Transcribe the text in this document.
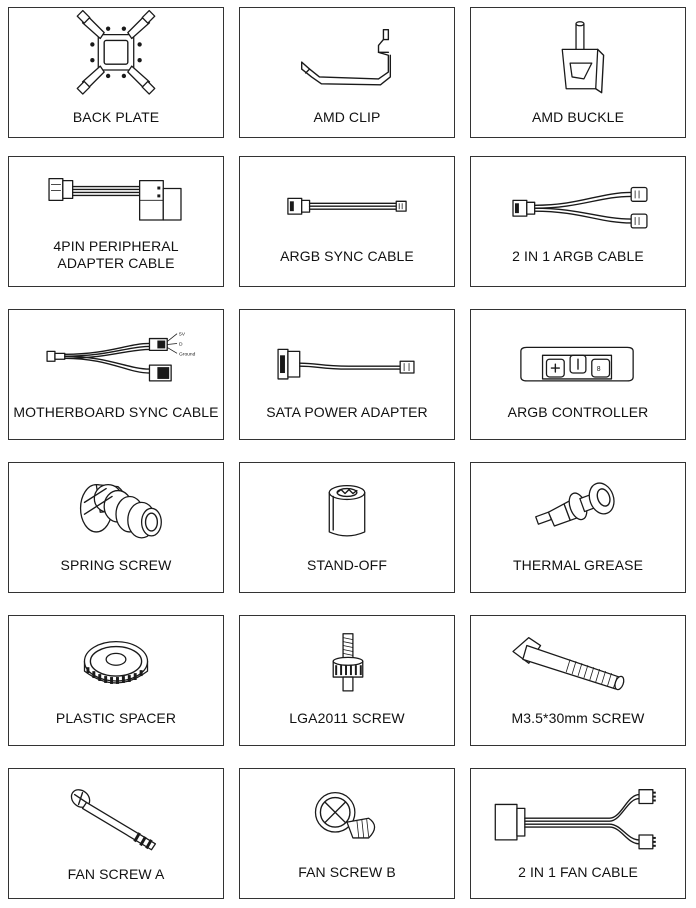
BACK PLATE	AMD CLIP	AMD BUCKLE
4PIN PERIPHERAL
ADAPTER CABLE	ARGB SYNC CABLE	2 IN 1 ARGB CABLE
5V
D
Ground
MOTHERBOARD SYNC CABLE	SATA POWER ADAPTER
8
ARGB CONTROLLER
SPRING SCREW	STAND-OFF	THERMAL GREASE
PLASTIC SPACER	LGA2011 SCREW	M3.5*30mm SCREW
FAN SCREW A	FAN SCREW B	2 IN 1 FAN CABLE
